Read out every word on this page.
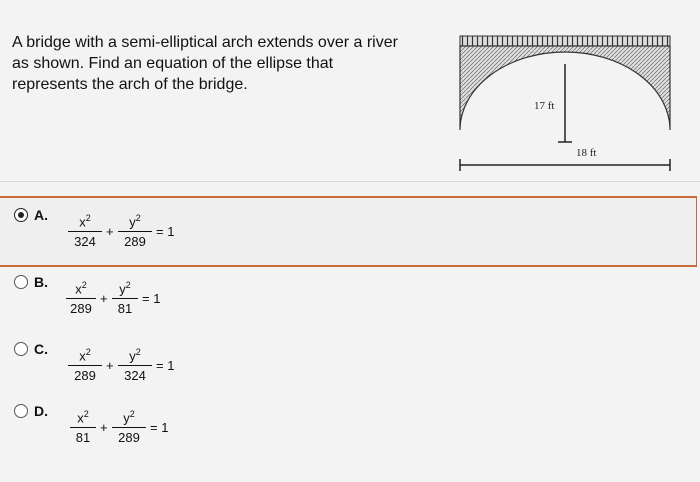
A bridge with a semi-elliptical arch extends over a river
as shown. Find an equation of the ellipse that
represents the arch of the bridge.
17 ft
18 ft
A.	$x^2$
324
+
$y^2$
289
= 1
B.	$x^2$
289
+
$y^2$
81
= 1
C.	$x^2$
289
+
$y^2$
324
= 1
D.	$x^2$
81
+
$y^2$
289
= 1
